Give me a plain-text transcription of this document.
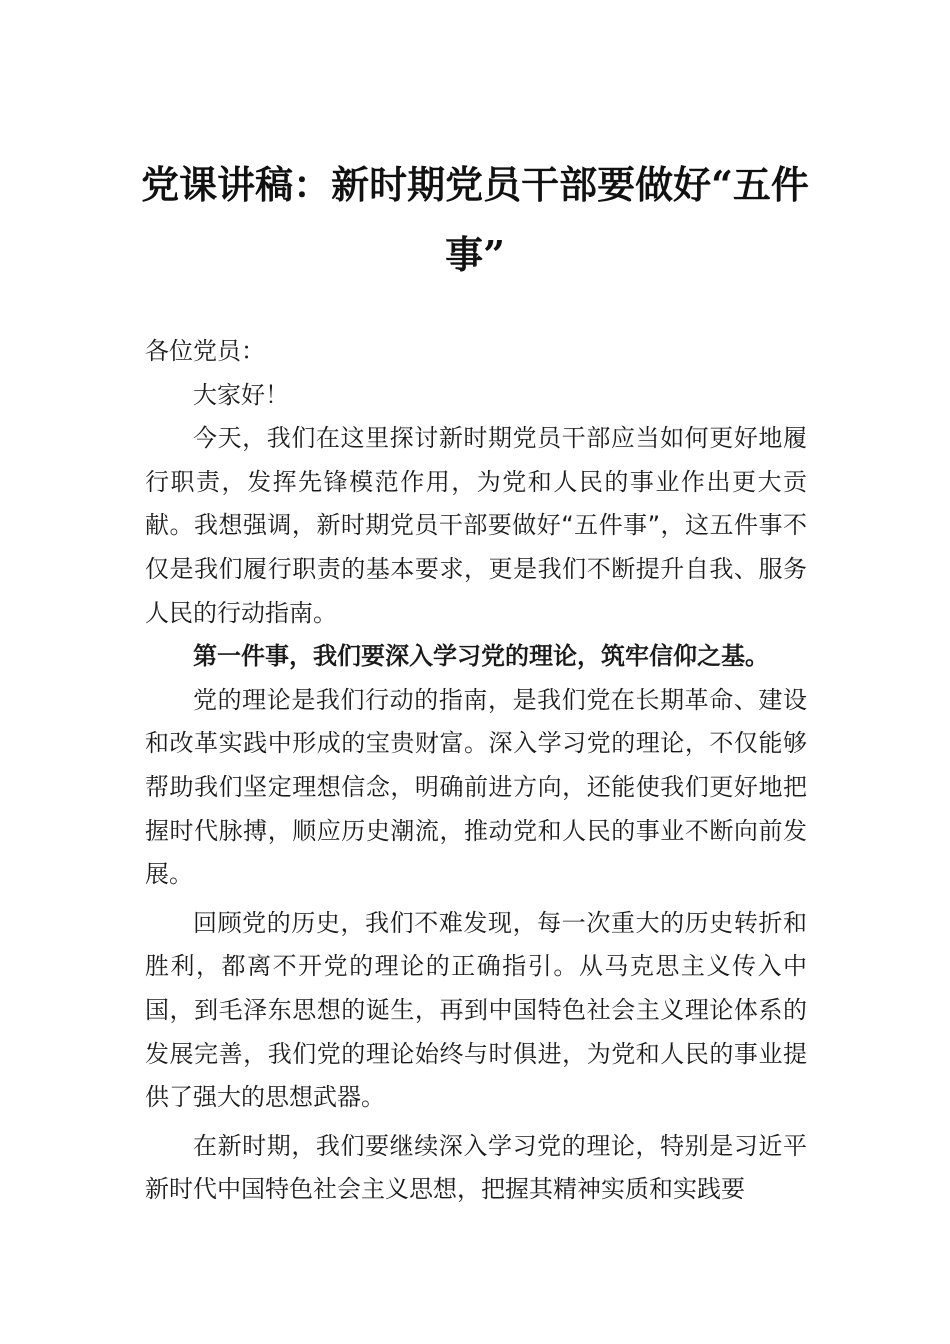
党课讲稿：新时期党员干部要做好“五件事”

各位党员：

大家好！

今天，我们在这里探讨新时期党员干部应当如何更好地履行职责，发挥先锋模范作用，为党和人民的事业作出更大贡献。我想强调，新时期党员干部要做好“五件事”，这五件事不仅是我们履行职责的基本要求，更是我们不断提升自我、服务人民的行动指南。

第一件事，我们要深入学习党的理论，筑牢信仰之基。

党的理论是我们行动的指南，是我们党在长期革命、建设和改革实践中形成的宝贵财富。深入学习党的理论，不仅能够帮助我们坚定理想信念，明确前进方向，还能使我们更好地把握时代脉搏，顺应历史潮流，推动党和人民的事业不断向前发展。

回顾党的历史，我们不难发现，每一次重大的历史转折和胜利，都离不开党的理论的正确指引。从马克思主义传入中国，到毛泽东思想的诞生，再到中国特色社会主义理论体系的发展完善，我们党的理论始终与时俱进，为党和人民的事业提供了强大的思想武器。

在新时期，我们要继续深入学习党的理论，特别是习近平新时代中国特色社会主义思想，把握其精神实质和实践要
